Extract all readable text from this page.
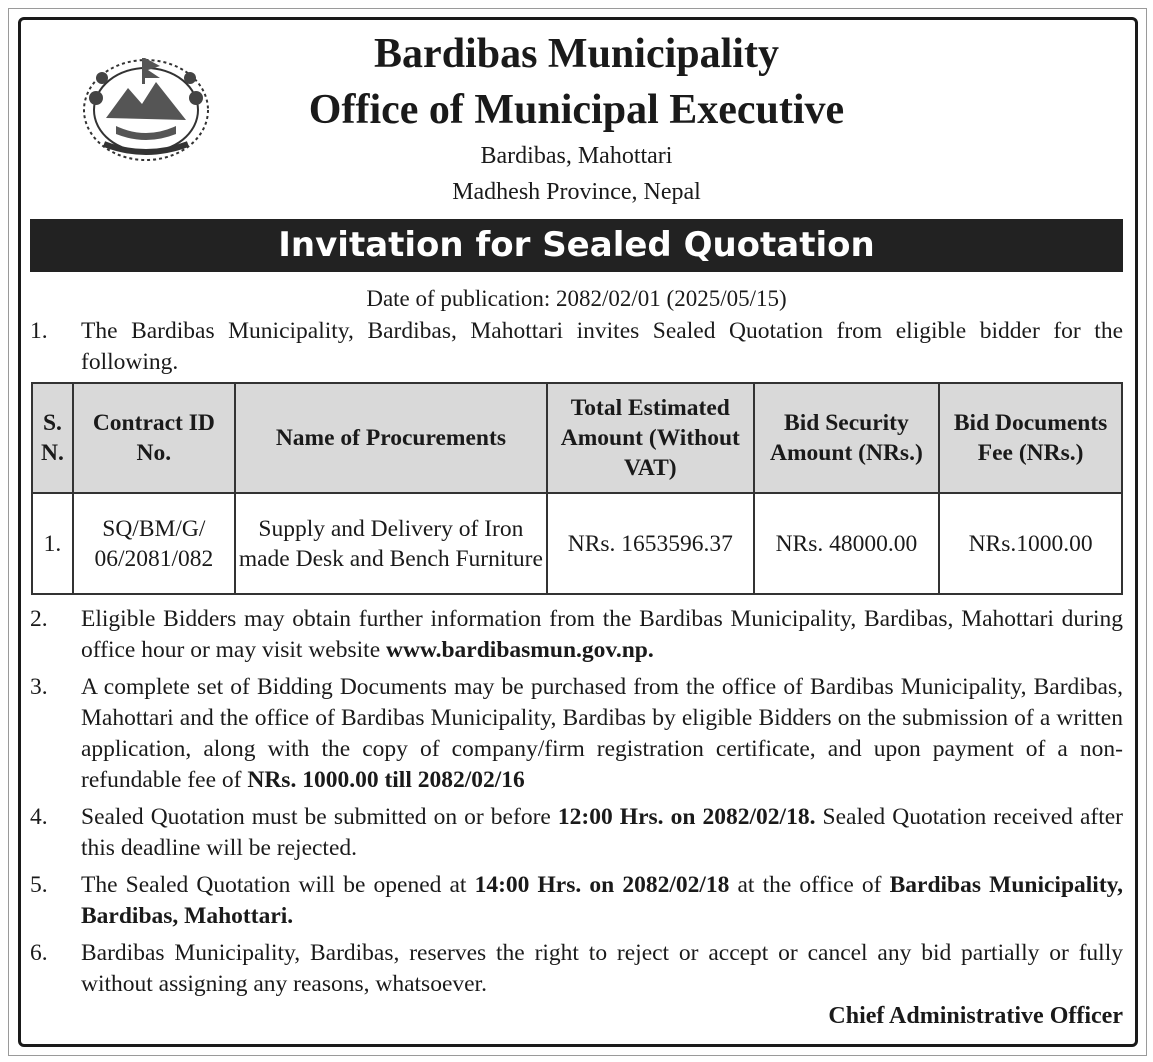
Bardibas Municipality
Office of Municipal Executive
Bardibas, Mahottari
Madhesh Province, Nepal
Invitation for Sealed Quotation
Date of publication: 2082/02/01 (2025/05/15)
1. The Bardibas Municipality, Bardibas, Mahottari invites Sealed Quotation from eligible bidder for the following.
S. N.	Contract ID No.	Name of Procurements	Total Estimated Amount (Without VAT)	Bid Security Amount (NRs.)	Bid Documents Fee (NRs.)
1.	SQ/BM/G/ 06/2081/082	Supply and Delivery of Iron made Desk and Bench Furniture	NRs. 1653596.37	NRs. 48000.00	NRs.1000.00
2. Eligible Bidders may obtain further information from the Bardibas Municipality, Bardibas, Mahottari during office hour or may visit website www.bardibasmun.gov.np.
3. A complete set of Bidding Documents may be purchased from the office of Bardibas Municipality, Bardibas, Mahottari and the office of Bardibas Municipality, Bardibas by eligible Bidders on the submission of a written application, along with the copy of company/firm registration certificate, and upon payment of a non-refundable fee of NRs. 1000.00 till 2082/02/16
4. Sealed Quotation must be submitted on or before 12:00 Hrs. on 2082/02/18. Sealed Quotation received after this deadline will be rejected.
5. The Sealed Quotation will be opened at 14:00 Hrs. on 2082/02/18 at the office of Bardibas Municipality, Bardibas, Mahottari.
6. Bardibas Municipality, Bardibas, reserves the right to reject or accept or cancel any bid partially or fully without assigning any reasons, whatsoever.
Chief Administrative Officer
